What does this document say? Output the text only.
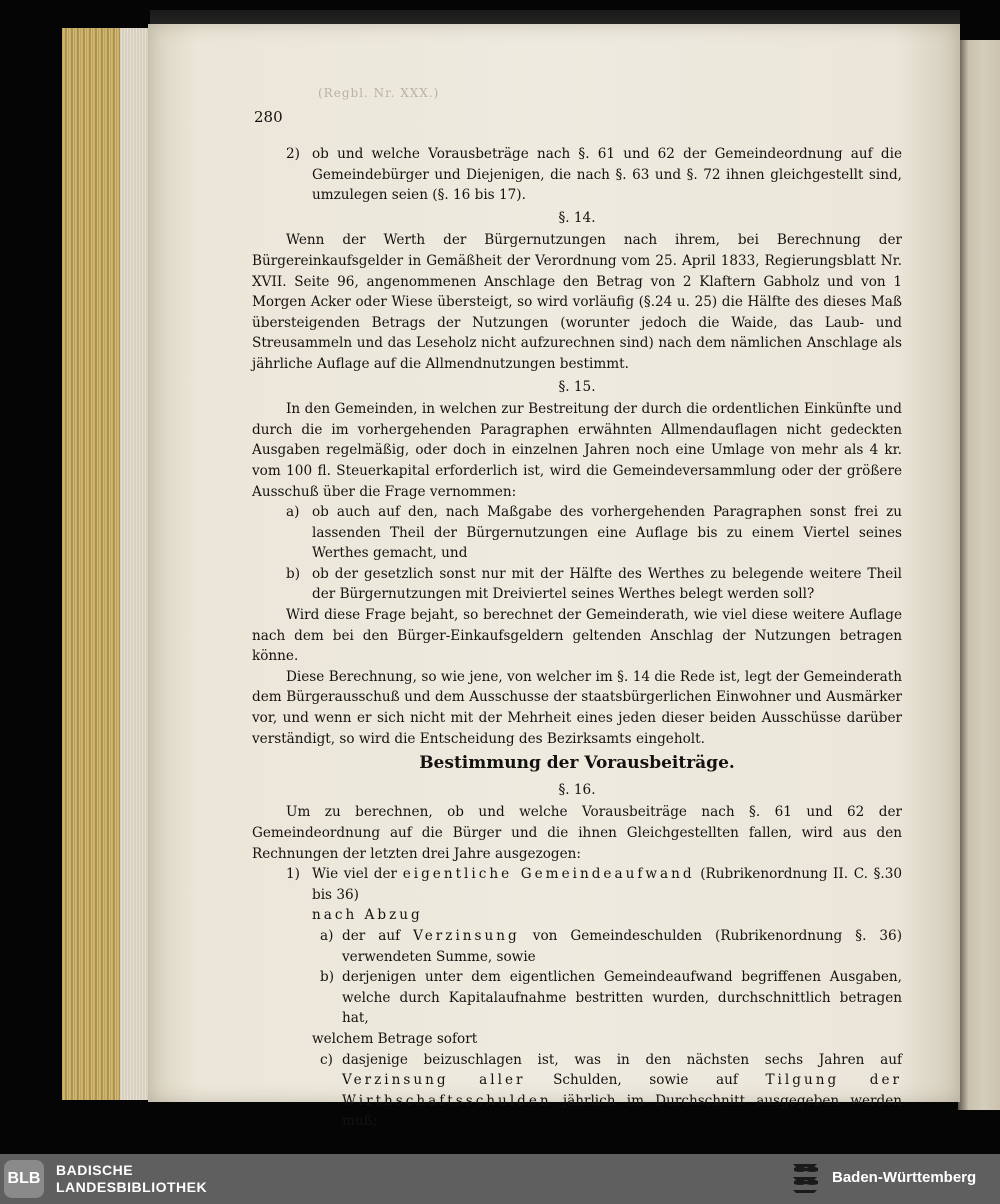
(Regbl. Nr. XXX.)
280
2) ob und welche Vorausbeträge nach §. 61 und 62 der Gemeindeordnung auf die Gemeindebürger und Diejenigen, die nach §. 63 und §. 72 ihnen gleichgestellt sind, umzulegen seien (§. 16 bis 17).
§. 14.

Wenn der Werth der Bürgernutzungen nach ihrem, bei Berechnung der Bürgereinkaufsgelder in Gemäßheit der Verordnung vom 25. April 1833, Regierungsblatt Nr. XVII. Seite 96, angenommenen Anschlage den Betrag von 2 Klaftern Gabholz und von 1 Morgen Acker oder Wiese übersteigt, so wird vorläufig (§.24 u. 25) die Hälfte des dieses Maß übersteigenden Betrags der Nutzungen (worunter jedoch die Waide, das Laub- und Streusammeln und das Leseholz nicht aufzurechnen sind) nach dem nämlichen Anschlage als jährliche Auflage auf die Allmendnutzungen bestimmt.

§. 15.

In den Gemeinden, in welchen zur Bestreitung der durch die ordentlichen Einkünfte und durch die im vorhergehenden Paragraphen erwähnten Allmendauflagen nicht gedeckten Ausgaben regelmäßig, oder doch in einzelnen Jahren noch eine Umlage von mehr als 4 kr. vom 100 fl. Steuerkapital erforderlich ist, wird die Gemeindeversammlung oder der größere Ausschuß über die Frage vernommen:

a) ob auch auf den, nach Maßgabe des vorhergehenden Paragraphen sonst frei zu lassenden Theil der Bürgernutzungen eine Auflage bis zu einem Viertel seines Werthes gemacht, und
b) ob der gesetzlich sonst nur mit der Hälfte des Werthes zu belegende weitere Theil der Bürgernutzungen mit Dreiviertel seines Werthes belegt werden soll?

Wird diese Frage bejaht, so berechnet der Gemeinderath, wie viel diese weitere Auflage nach dem bei den Bürger-Einkaufsgeldern geltenden Anschlag der Nutzungen betragen könne.

Diese Berechnung, so wie jene, von welcher im §. 14 die Rede ist, legt der Gemeinderath dem Bürgerausschuß und dem Ausschusse der staatsbürgerlichen Einwohner und Ausmärker vor, und wenn er sich nicht mit der Mehrheit eines jeden dieser beiden Ausschüsse darüber verständigt, so wird die Entscheidung des Bezirksamts eingeholt.

Bestimmung der Vorausbeiträge.
§. 16.

Um zu berechnen, ob und welche Vorausbeiträge nach §. 61 und 62 der Gemeindeordnung auf die Bürger und die ihnen Gleichgestellten fallen, wird aus den Rechnungen der letzten drei Jahre ausgezogen:

1) Wie viel der eigentliche Gemeindeaufwand (Rubrikenordnung II. C. §.30 bis 36)
nach Abzug
a) der auf Verzinsung von Gemeindeschulden (Rubrikenordnung §. 36) verwendeten Summe, sowie
b) derjenigen unter dem eigentlichen Gemeindeaufwand begriffenen Ausgaben, welche durch Kapitalaufnahme bestritten wurden, durchschnittlich betragen hat,

welchem Betrage sofort

c) dasjenige beizuschlagen ist, was in den nächsten sechs Jahren auf Verzinsung aller Schulden, sowie auf Tilgung der Wirthschaftsschulden jährlich im Durchschnitt ausgegeben werden muß;
BLB BADISCHE
LANDESBIBLIOTHEK
Baden-Württemberg
